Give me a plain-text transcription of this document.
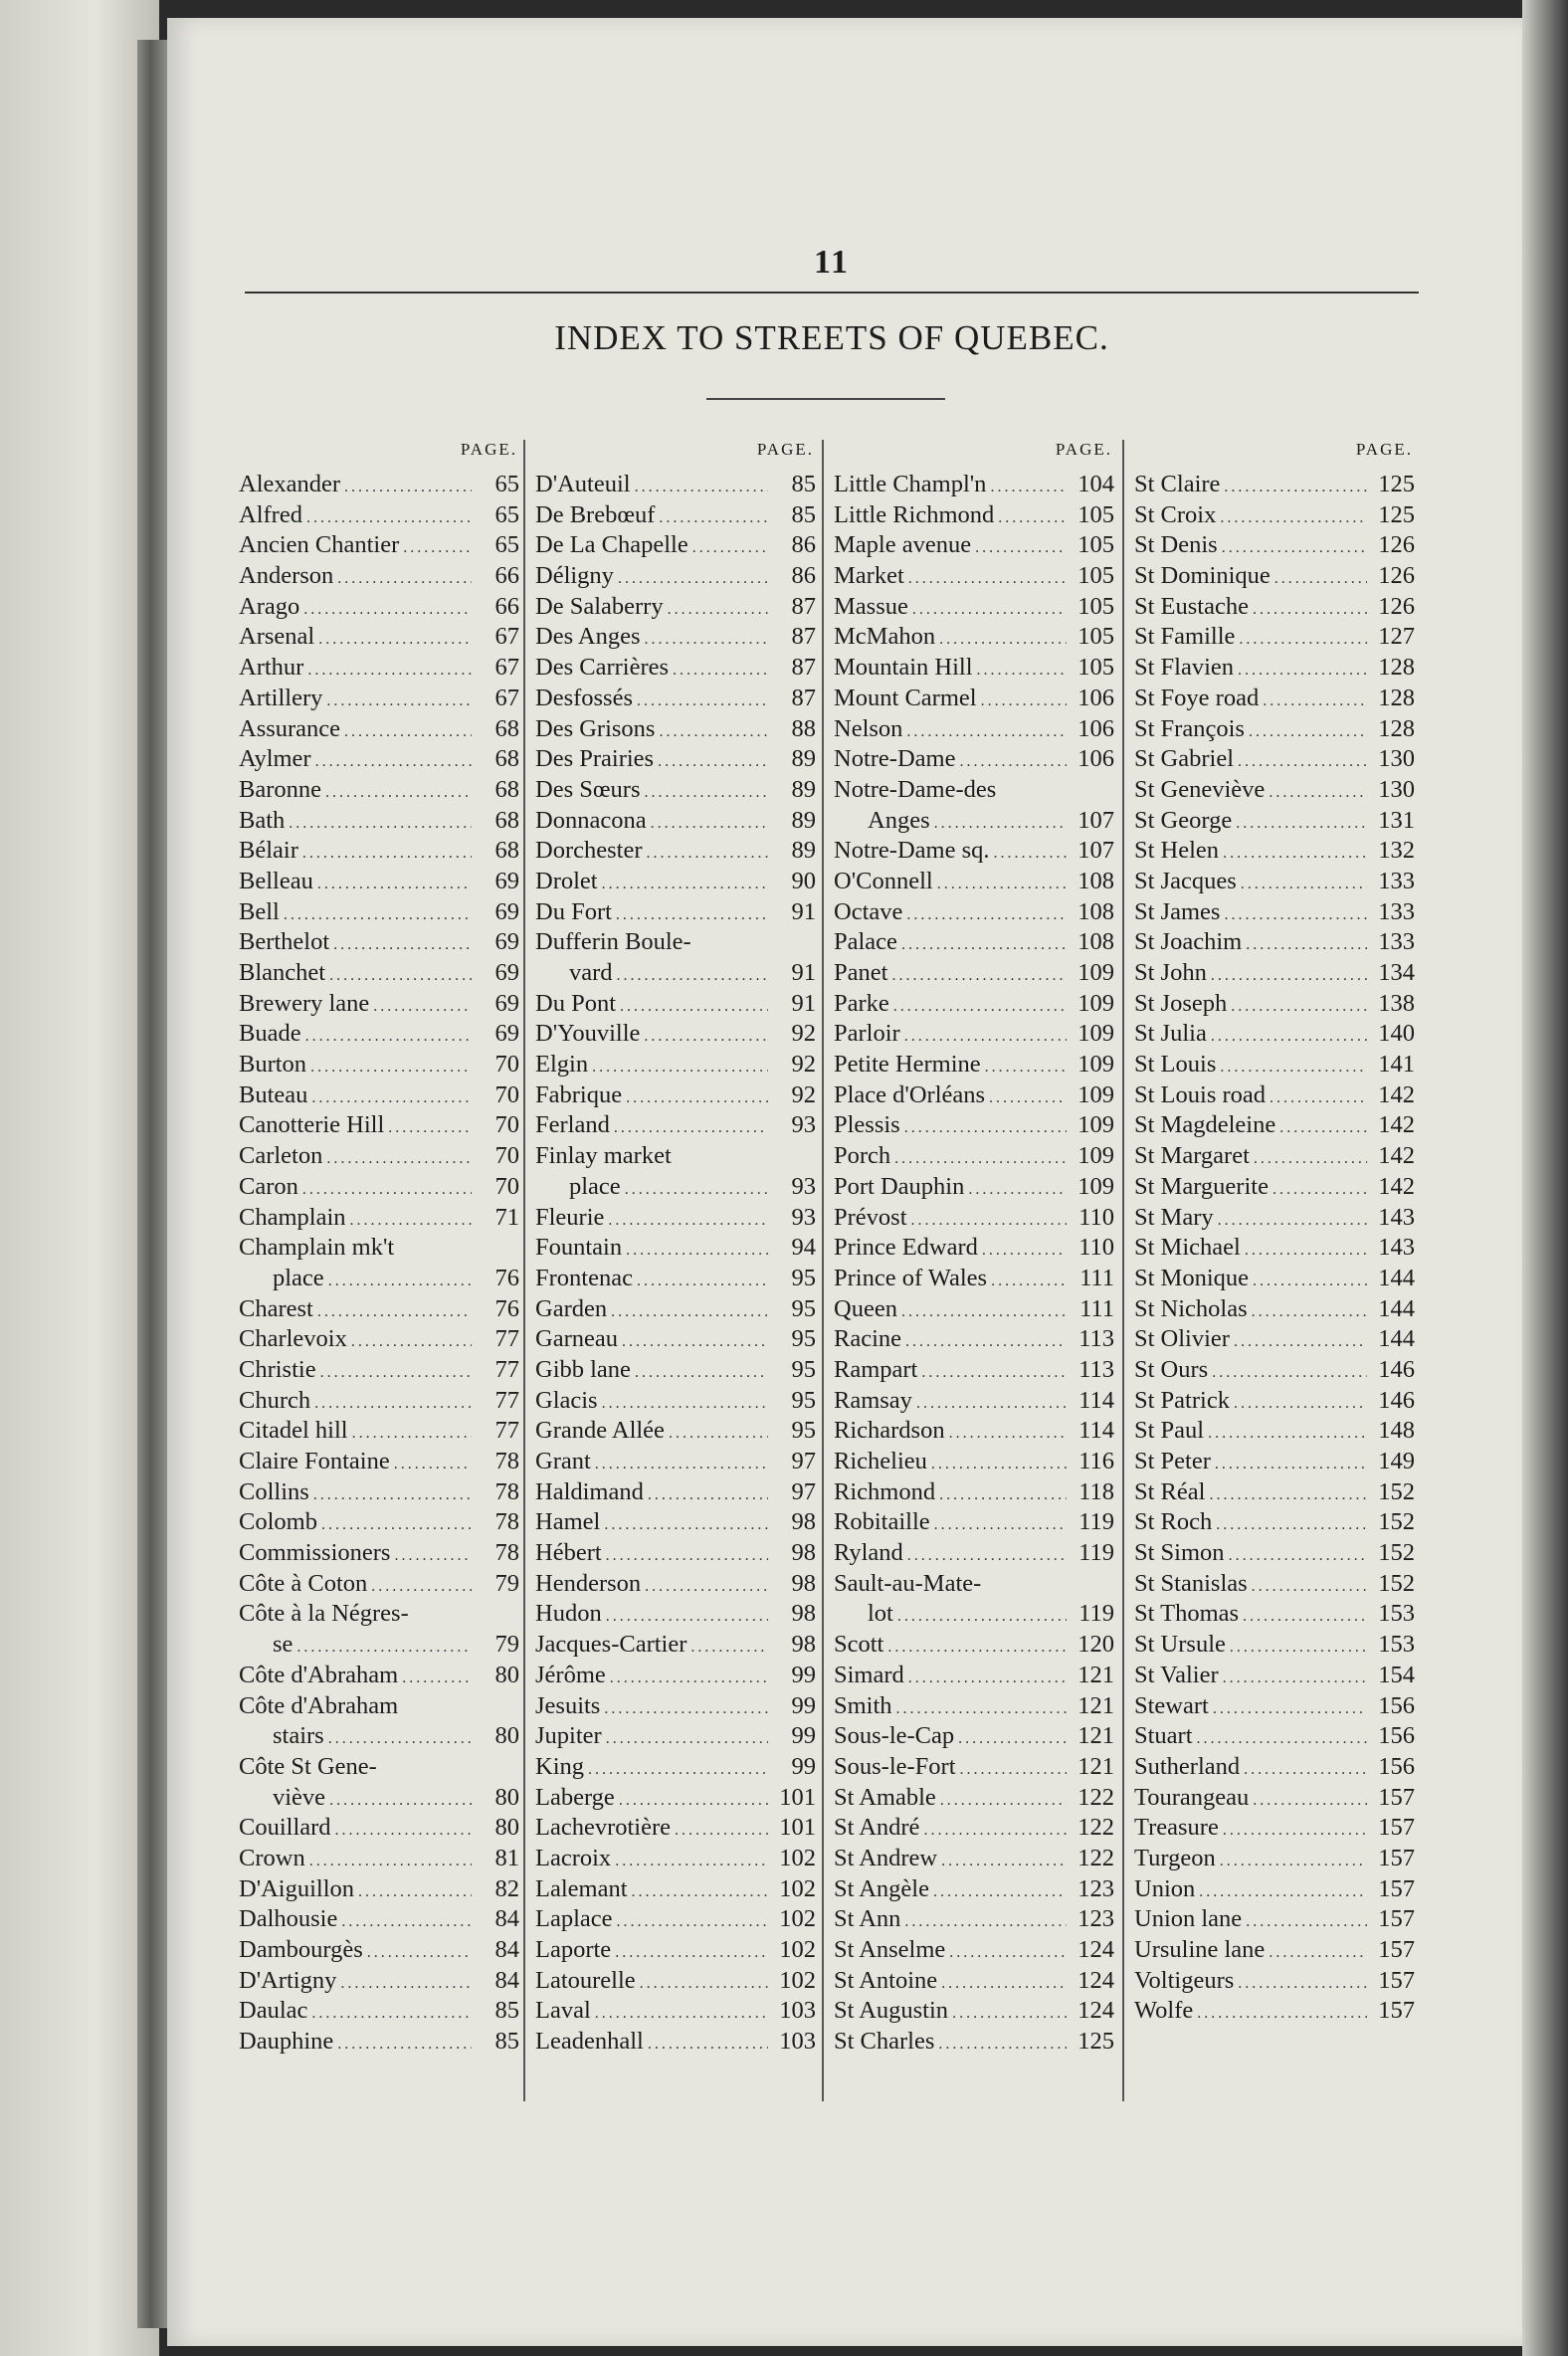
11
INDEX TO STREETS OF QUEBEC.
PAGE.
Alexander .....	65
Alfred .....	65
Ancien Chantier .....	65
Anderson .....	66
Arago .....	66
Arsenal .....	67
Arthur .....	67
Artillery .....	67
Assurance .....	68
Aylmer .....	68
Baronne .....	68
Bath .....	68
Bélair .....	68
Belleau .....	69
Bell .....	69
Berthelot .....	69
Blanchet .....	69
Brewery lane .....	69
Buade .....	69
Burton .....	70
Buteau .....	70
Canotterie Hill .....	70
Carleton .....	70
Caron .....	70
Champlain .....	71
Champlain mk't
place .....	76
Charest .....	76
Charlevoix .....	77
Christie .....	77
Church .....	77
Citadel hill .....	77
Claire Fontaine .....	78
Collins .....	78
Colomb .....	78
Commissioners .....	78
Côte à Coton .....	79
Côte à la Négres-
se .....	79
Côte d'Abraham .....	80
Côte d'Abraham
stairs .....	80
Côte St Gene-
viève .....	80
Couillard .....	80
Crown .....	81
D'Aiguillon .....	82
Dalhousie .....	84
Dambourgès .....	84
D'Artigny .....	84
Daulac .....	85
Dauphine .....	85
PAGE.
D'Auteuil .....	85
De Brebœuf .....	85
De La Chapelle .....	86
Déligny .....	86
De Salaberry .....	87
Des Anges .....	87
Des Carrières .....	87
Desfossés .....	87
Des Grisons .....	88
Des Prairies .....	89
Des Sœurs .....	89
Donnacona .....	89
Dorchester .....	89
Drolet .....	90
Du Fort .....	91
Dufferin Boule-
vard .....	91
Du Pont .....	91
D'Youville .....	92
Elgin .....	92
Fabrique .....	92
Ferland .....	93
Finlay market
place .....	93
Fleurie .....	93
Fountain .....	94
Frontenac .....	95
Garden .....	95
Garneau .....	95
Gibb lane .....	95
Glacis .....	95
Grande Allée .....	95
Grant .....	97
Haldimand .....	97
Hamel .....	98
Hébert .....	98
Henderson .....	98
Hudon .....	98
Jacques-Cartier .....	98
Jérôme .....	99
Jesuits .....	99
Jupiter .....	99
King .....	99
Laberge .....	101
Lachevrotière .....	101
Lacroix .....	102
Lalemant .....	102
Laplace .....	102
Laporte .....	102
Latourelle .....	102
Laval .....	103
Leadenhall .....	103
PAGE.
Little Champl'n .....	104
Little Richmond .....	105
Maple avenue .....	105
Market .....	105
Massue .....	105
McMahon .....	105
Mountain Hill .....	105
Mount Carmel .....	106
Nelson .....	106
Notre-Dame .....	106
Notre-Dame-des
Anges .....	107
Notre-Dame sq. .....	107
O'Connell .....	108
Octave .....	108
Palace .....	108
Panet .....	109
Parke .....	109
Parloir .....	109
Petite Hermine .....	109
Place d'Orléans .....	109
Plessis .....	109
Porch .....	109
Port Dauphin .....	109
Prévost .....	110
Prince Edward .....	110
Prince of Wales .....	111
Queen .....	111
Racine .....	113
Rampart .....	113
Ramsay .....	114
Richardson .....	114
Richelieu .....	116
Richmond .....	118
Robitaille .....	119
Ryland .....	119
Sault-au-Mate-
lot .....	119
Scott .....	120
Simard .....	121
Smith .....	121
Sous-le-Cap .....	121
Sous-le-Fort .....	121
St Amable .....	122
St André .....	122
St Andrew .....	122
St Angèle .....	123
St Ann .....	123
St Anselme .....	124
St Antoine .....	124
St Augustin .....	124
St Charles .....	125
PAGE.
St Claire .....	125
St Croix .....	125
St Denis .....	126
St Dominique .....	126
St Eustache .....	126
St Famille .....	127
St Flavien .....	128
St Foye road .....	128
St François .....	128
St Gabriel .....	130
St Geneviève .....	130
St George .....	131
St Helen .....	132
St Jacques .....	133
St James .....	133
St Joachim .....	133
St John .....	134
St Joseph .....	138
St Julia .....	140
St Louis .....	141
St Louis road .....	142
St Magdeleine .....	142
St Margaret .....	142
St Marguerite .....	142
St Mary .....	143
St Michael .....	143
St Monique .....	144
St Nicholas .....	144
St Olivier .....	144
St Ours .....	146
St Patrick .....	146
St Paul .....	148
St Peter .....	149
St Réal .....	152
St Roch .....	152
St Simon .....	152
St Stanislas .....	152
St Thomas .....	153
St Ursule .....	153
St Valier .....	154
Stewart .....	156
Stuart .....	156
Sutherland .....	156
Tourangeau .....	157
Treasure .....	157
Turgeon .....	157
Union .....	157
Union lane .....	157
Ursuline lane .....	157
Voltigeurs .....	157
Wolfe .....	157
